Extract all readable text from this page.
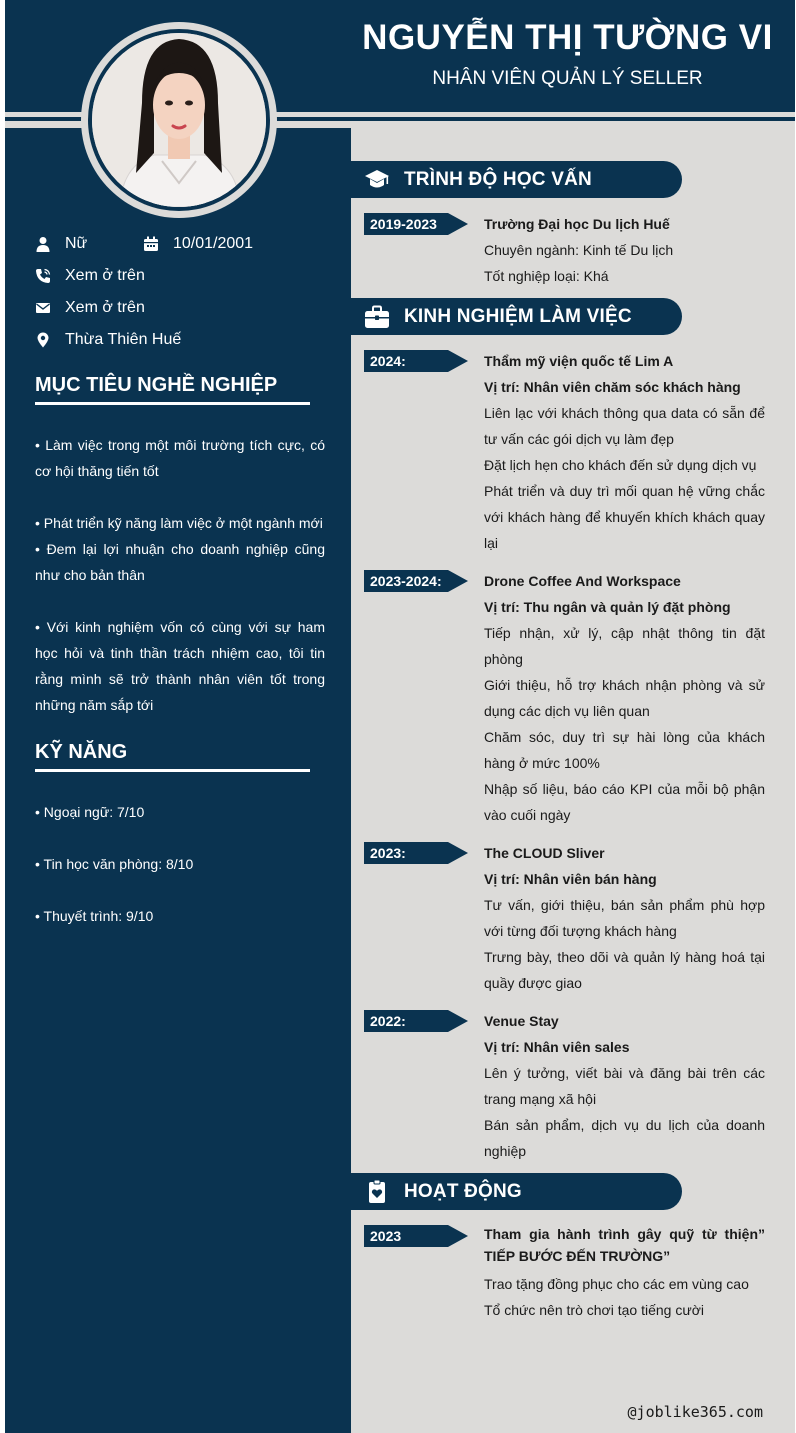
NGUYỄN THỊ TƯỜNG VI
NHÂN VIÊN QUẢN LÝ SELLER
Nữ	10/01/2001
Xem ở trên
Xem ở trên
Thừa Thiên Huế
MỤC TIÊU NGHỀ NGHIỆP
• Làm việc trong một môi trường tích cực, có cơ hội thăng tiến tốt
• Phát triển kỹ năng làm việc ở một ngành mới
• Đem lại lợi nhuận cho doanh nghiệp cũng như cho bản thân
• Với kinh nghiệm vốn có cùng với sự ham học hỏi và tinh thần trách nhiệm cao, tôi tin rằng mình sẽ trở thành nhân viên tốt trong những năm sắp tới
KỸ NĂNG
• Ngoại ngữ: 7/10
• Tin học văn phòng: 8/10
• Thuyết trình: 9/10
TRÌNH ĐỘ HỌC VẤN
2019-2023	Trường Đại học Du lịch Huế

Chuyên ngành: Kinh tế Du lịch

Tốt nghiệp loại: Khá

KINH NGHIỆM LÀM VIỆC
2024:	Thẩm mỹ viện quốc tế Lim A

Vị trí: Nhân viên chăm sóc khách hàng

Liên lạc với khách thông qua data có sẵn để tư vấn các gói dịch vụ làm đẹp

Đặt lịch hẹn cho khách đến sử dụng dịch vụ

Phát triển và duy trì mối quan hệ vững chắc với khách hàng để khuyến khích khách quay lại

2023-2024:	Drone Coffee And Workspace

Vị trí: Thu ngân và quản lý đặt phòng

Tiếp nhận, xử lý, cập nhật thông tin đặt phòng

Giới thiệu, hỗ trợ khách nhận phòng và sử dụng các dịch vụ liên quan

Chăm sóc, duy trì sự hài lòng của khách hàng ở mức 100%

Nhập số liệu, báo cáo KPI của mỗi bộ phận vào cuối ngày

2023:	The CLOUD Sliver

Vị trí: Nhân viên bán hàng

Tư vấn, giới thiệu, bán sản phẩm phù hợp với từng đối tượng khách hàng

Trưng bày, theo dõi và quản lý hàng hoá tại quầy được giao

2022:	Venue Stay

Vị trí: Nhân viên sales

Lên ý tưởng, viết bài và đăng bài trên các trang mạng xã hội

Bán sản phẩm, dịch vụ du lịch của doanh nghiệp

HOẠT ĐỘNG
2023	Tham gia hành trình gây quỹ từ thiện” TIẾP BƯỚC ĐẾN TRƯỜNG”

Trao tặng đồng phục cho các em vùng cao

Tổ chức nên trò chơi tạo tiếng cười

@joblike365.com
